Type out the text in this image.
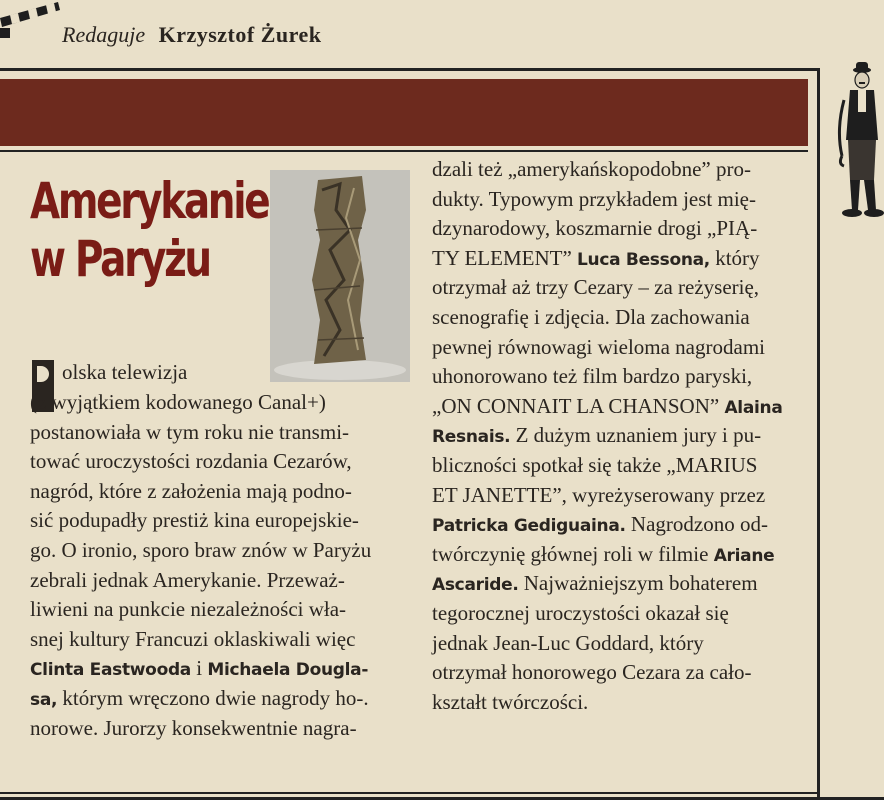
Redaguje Krzysztof Żurek
Amerykanie
w Paryżu
olska telewizja
(z wyjątkiem kodowanego Canal+)
postanowiała w tym roku nie transmi-
tować uroczystości rozdania Cezarów,
nagród, które z założenia mają podno-
sić podupadły prestiż kina europejskie-
go. O ironio, sporo braw znów w Paryżu
zebrali jednak Amerykanie. Przeważ-
liwieni na punkcie niezależności wła-
snej kultury Francuzi oklaskiwali więc
Clinta Eastwooda i Michaela Dougla-
sa, którym wręczono dwie nagrody ho-.
norowe. Jurorzy konsekwentnie nagra-
dzali też „amerykańskopodobne” pro-
dukty. Typowym przykładem jest mię-
dzynarodowy, koszmarnie drogi „PIĄ-
TY ELEMENT” Luca Bessona, który
otrzymał aż trzy Cezary – za reżyserię,
scenografię i zdjęcia. Dla zachowania
pewnej równowagi wieloma nagrodami
uhonorowano też film bardzo paryski,
„ON CONNAIT LA CHANSON” Alaina
Resnais. Z dużym uznaniem jury i pu-
bliczności spotkał się także „MARIUS
ET JANETTE”, wyreżyserowany przez
Patricka Gediguaina. Nagrodzono od-
twórczynię głównej roli w filmie Ariane
Ascaride. Najważniejszym bohaterem
tegorocznej uroczystości okazał się
jednak Jean-Luc Goddard, który
otrzymał honorowego Cezara za cało-
kształt twórczości.
